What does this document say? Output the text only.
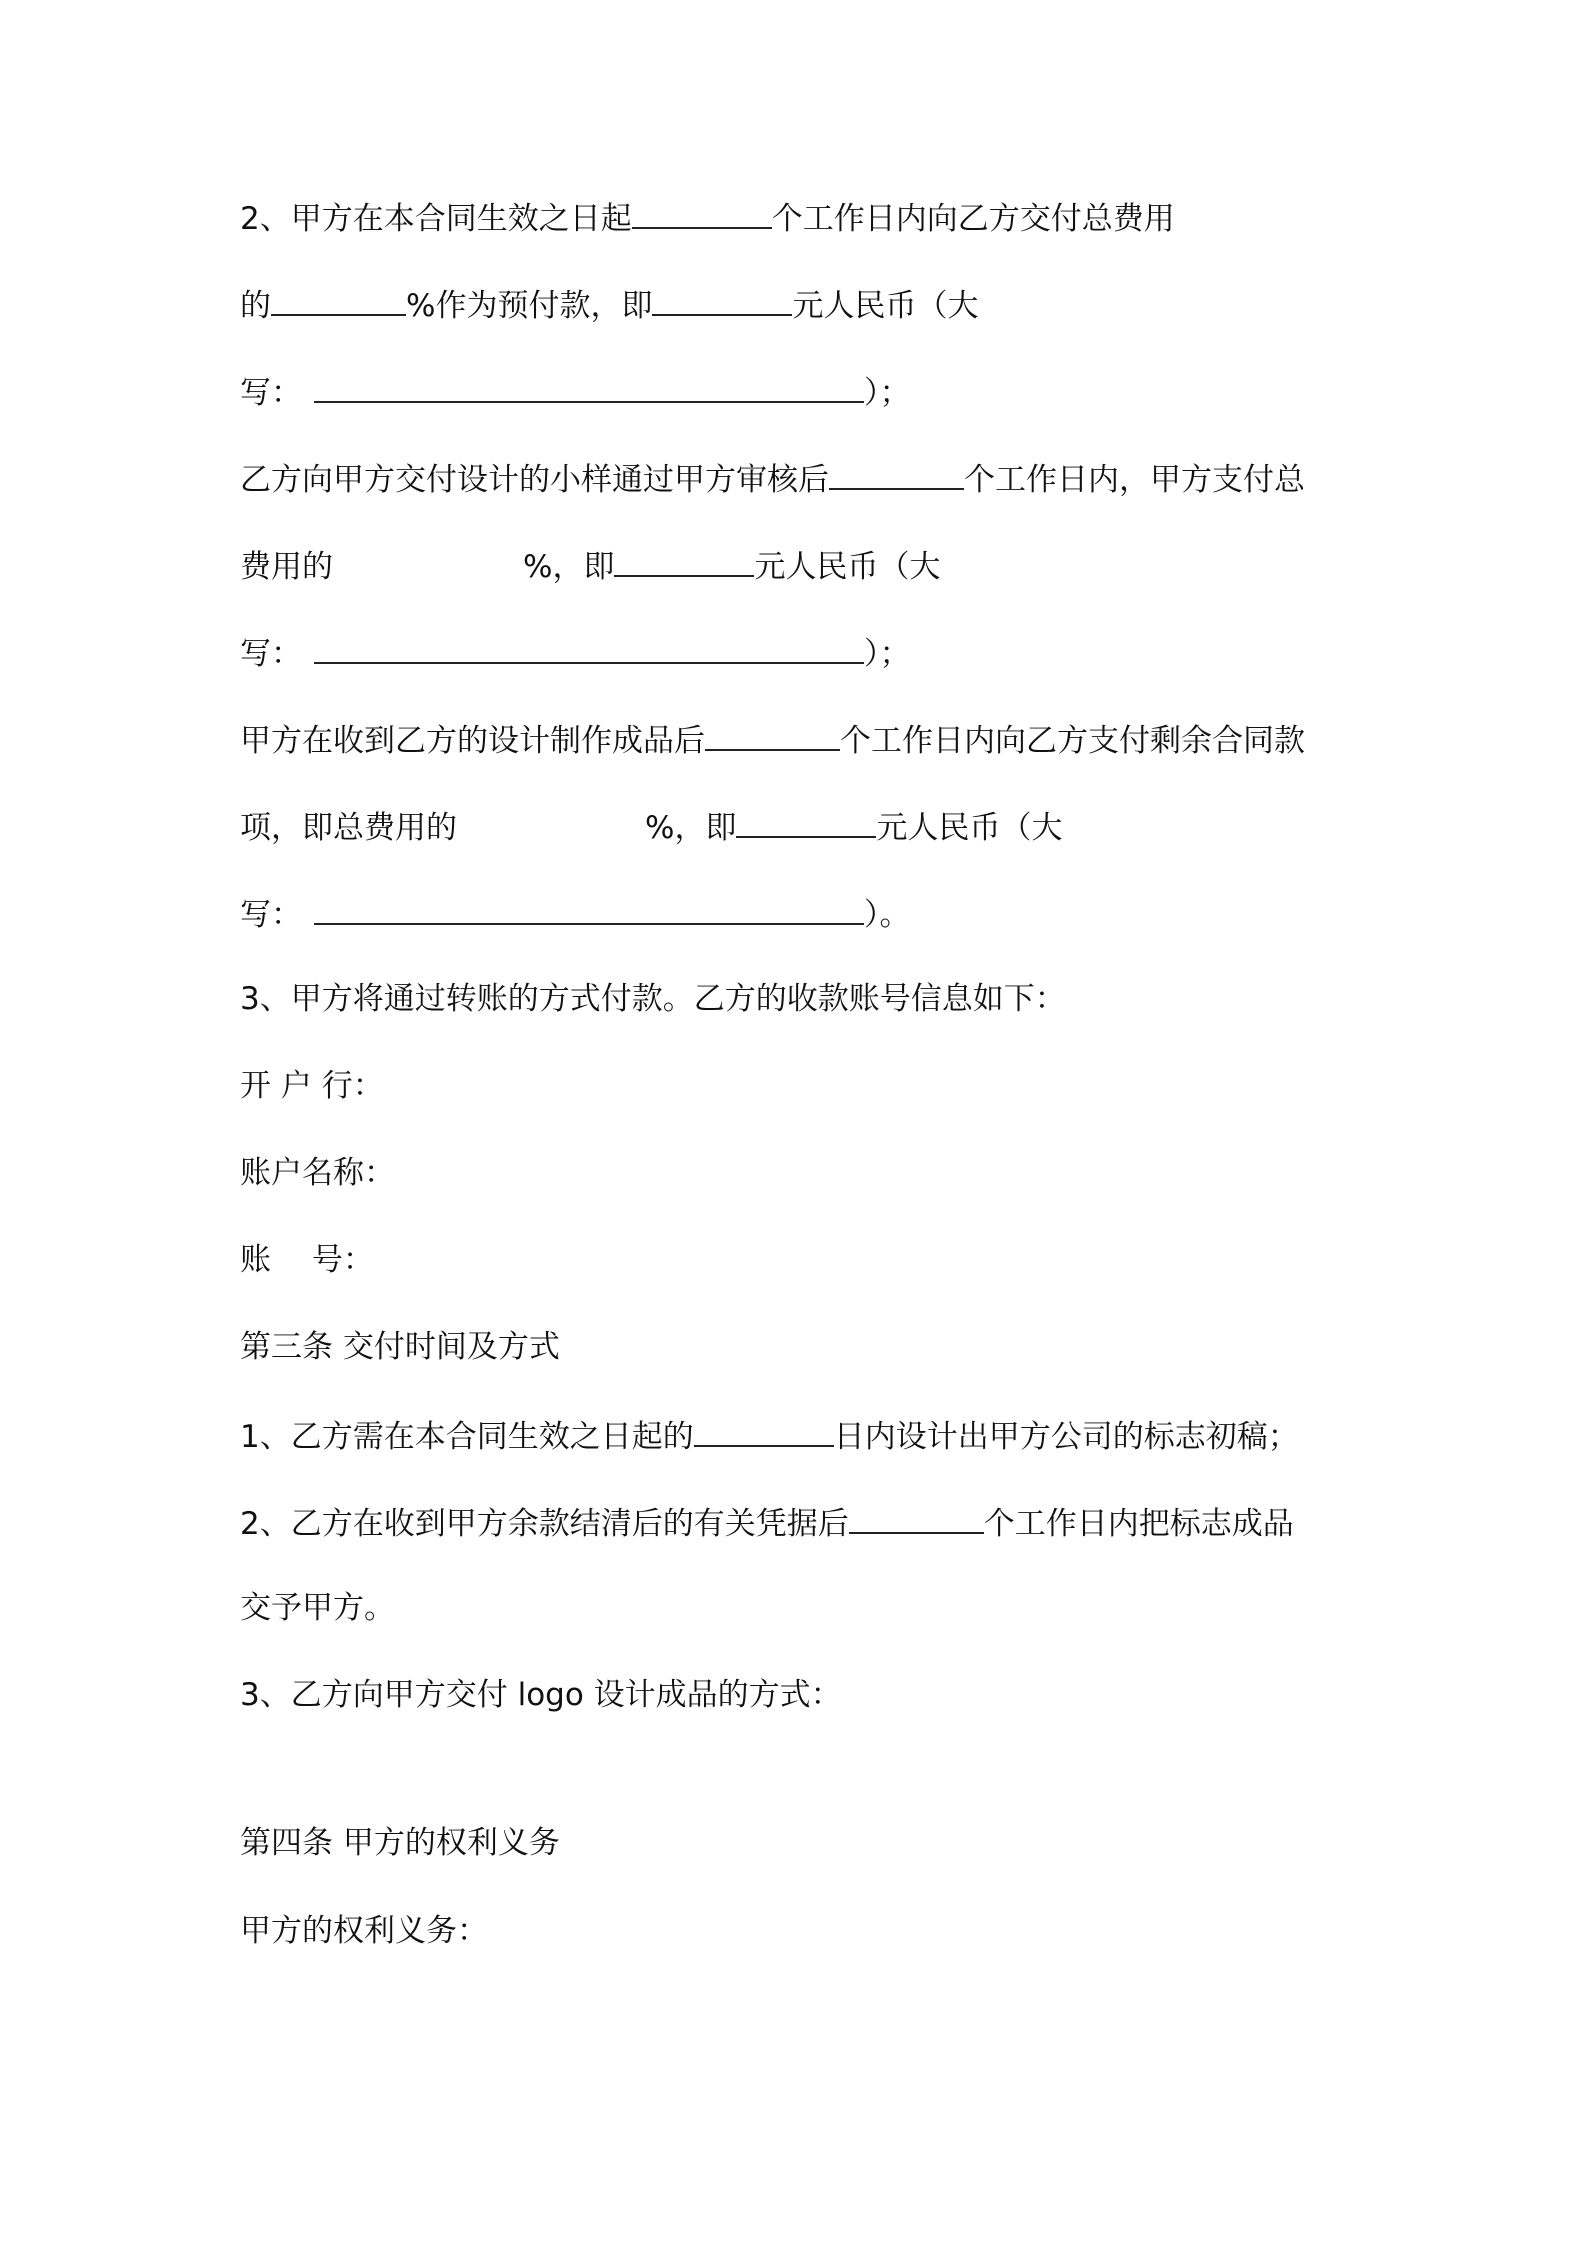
2、甲方在本合同生效之日起	个工作日内向乙方交付总费用
的	%作为预付款，即	元人民币（大
写：	）；
乙方向甲方交付设计的小样通过甲方审核后	个工作日内，甲方支付总
费用的	%，即	元人民币（大
写：	）；
甲方在收到乙方的设计制作成品后	个工作日内向乙方支付剩余合同款
项，即总费用的	%，即	元人民币（大
写：	）。
3、甲方将通过转账的方式付款。乙方的收款账号信息如下：
开 户 行：
账户名称：
账　 号：
第三条 交付时间及方式
1、乙方需在本合同生效之日起的	日内设计出甲方公司的标志初稿；
2、乙方在收到甲方余款结清后的有关凭据后	个工作日内把标志成品
交予甲方。
3、乙方向甲方交付 logo 设计成品的方式：
第四条 甲方的权利义务
甲方的权利义务：
